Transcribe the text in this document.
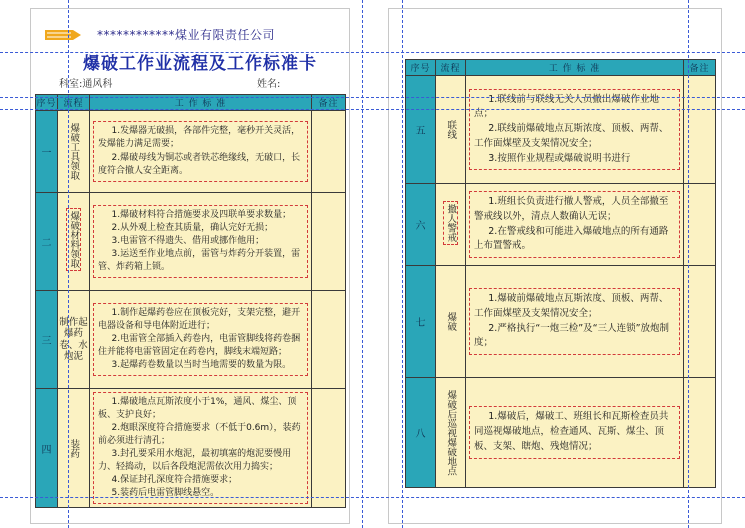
************煤业有限责任公司
爆破工作业流程及工作标准卡
科室:通风科	姓名:
序号	流程	工 作 标 准	备注
一	爆破工具领取	1.发爆器无破损，各部件完整，毫秒开关灵活，发爆能力满足需要；
2.爆破母线为铜芯或者铁芯绝缘线，无破口，长度符合撤人安全距离。	

二	爆破材料领取	1.爆破材料符合措施要求及四联单要求数量；
2.从外观上检查其质量，确认完好无损；
3.电雷管不得遗失、借用或挪作他用；
3.运送至作业地点前，雷管与炸药分开装置，雷管、炸药箱上锁。	

三	制作起爆药卷、水炮泥	1.制作起爆药卷应在顶板完好，支架完整，避开电器设备和导电体附近进行；
2.电雷管全部插入药卷内，电雷管脚线将药卷捆住并能将电雷管固定在药卷内，脚线末端短路；
3.起爆药卷数量以当时当地需要的数量为限。	

四	装药	1.爆破地点瓦斯浓度小于1%，通风、煤尘、顶板、支护良好；
2.炮眼深度符合措施要求（不低于0.6m），装药前必须进行清孔；
3.封孔要采用水炮泥，最初填塞的炮泥要慢用力、轻捣动，以后各段炮泥需依次用力捣实；
4.保证封孔深度符合措施要求；
5.装药后电雷管脚线悬空。	

序号	流程	工 作 标 准	备注
五	联线	1.联线前与联线无关人员撤出爆破作业地点；
2.联线前爆破地点瓦斯浓度、顶板、两帮、工作面煤壁及支架情况安全；
3.按照作业规程或爆破说明书进行	

六	撤人警戒	1.班组长负责进行撤人警戒，人员全部撤至警戒线以外，清点人数确认无误；
2.在警戒线和可能进入爆破地点的所有通路上布置警戒。	

七	爆破	1.爆破前爆破地点瓦斯浓度、顶板、两帮、工作面煤壁及支架情况安全；
2.严格执行“一炮三检”及“三人连锁”放炮制度；	

八	爆破后巡视爆破地点	1.爆破后，爆破工、班组长和瓦斯检查员共同巡视爆破地点，检查通风、瓦斯、煤尘、顶板、支架、瞎炮、残炮情况；	
